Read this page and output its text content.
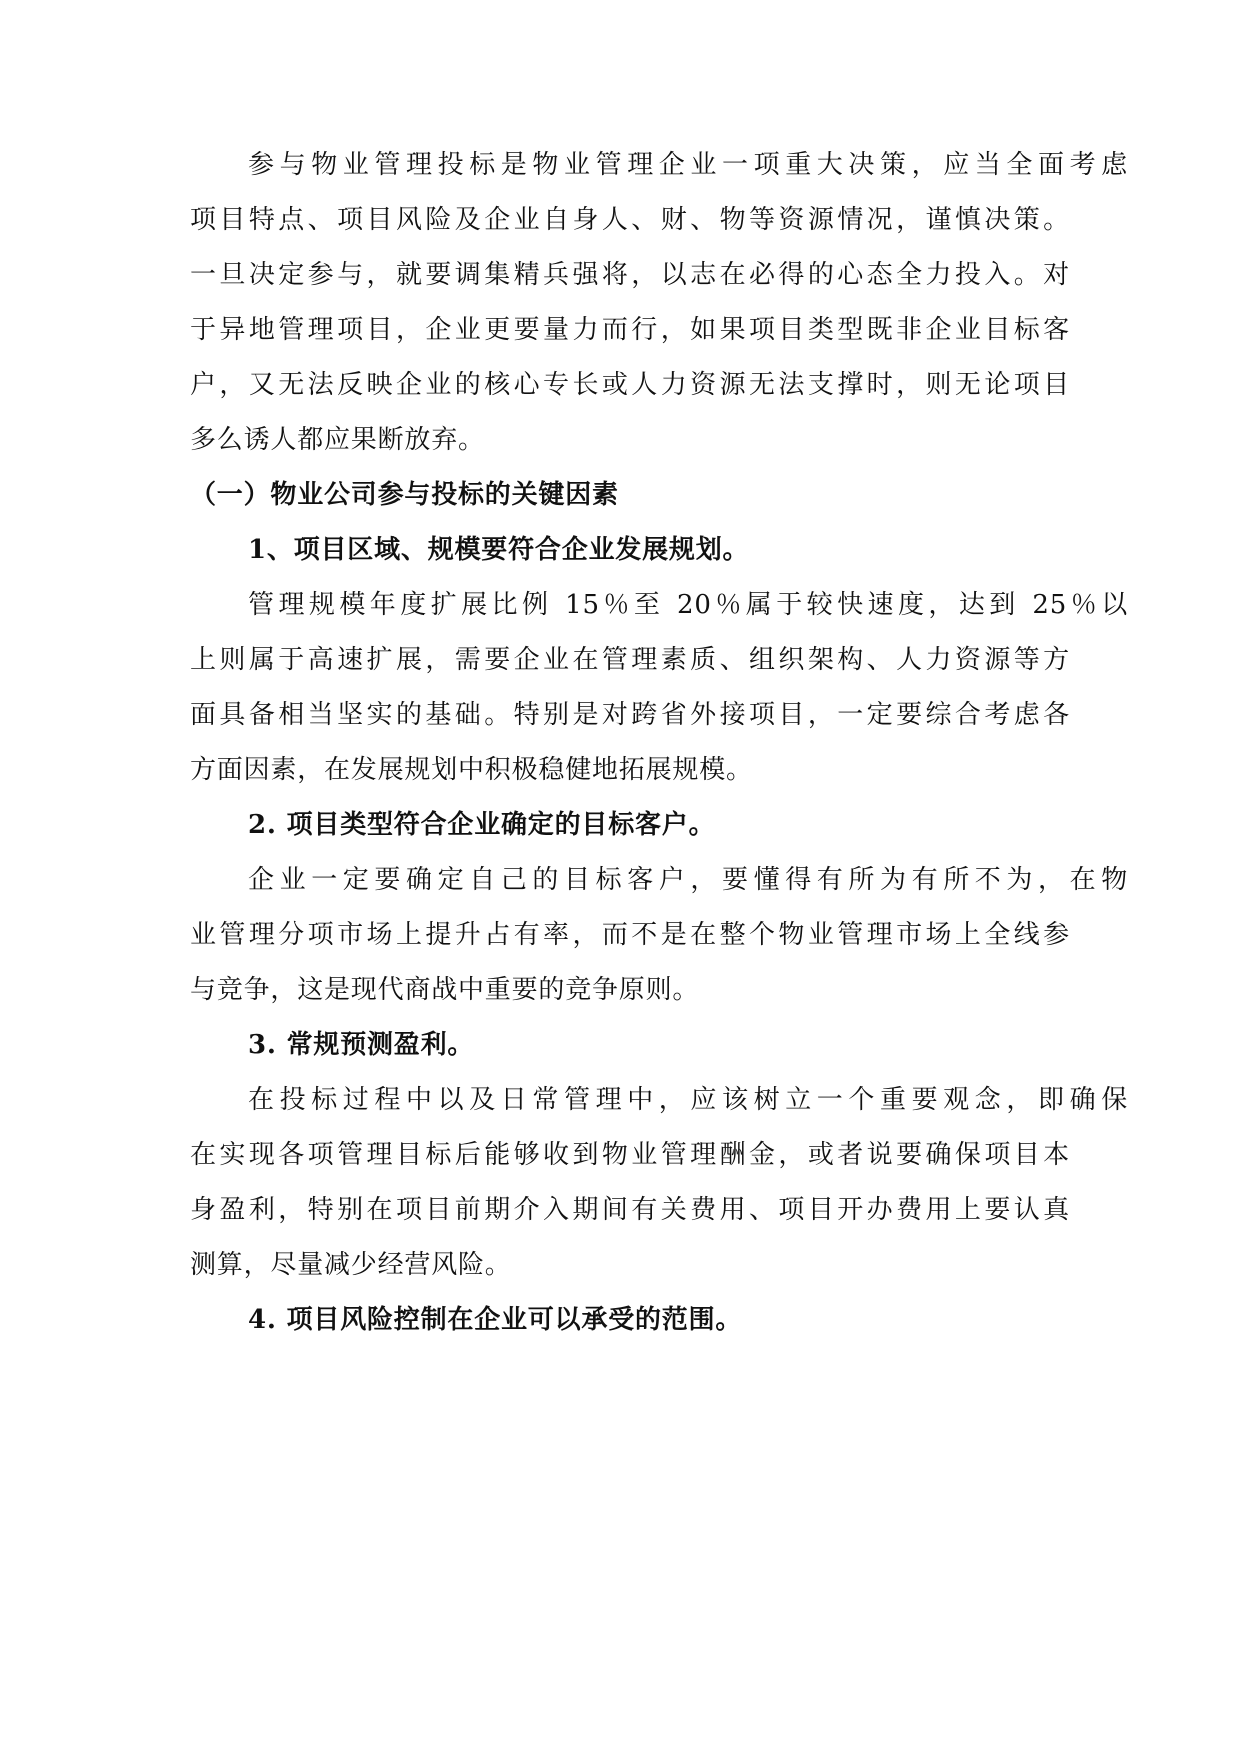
参与物业管理投标是物业管理企业一项重大决策，应当全面考虑
项目特点、项目风险及企业自身人、财、物等资源情况，谨慎决策。
一旦决定参与，就要调集精兵强将，以志在必得的心态全力投入。对
于异地管理项目，企业更要量力而行，如果项目类型既非企业目标客
户，又无法反映企业的核心专长或人力资源无法支撑时，则无论项目
多么诱人都应果断放弃。
（一）物业公司参与投标的关键因素
1、项目区域、规模要符合企业发展规划。
管理规模年度扩展比例 15％至 20％属于较快速度，达到 25％以
上则属于高速扩展，需要企业在管理素质、组织架构、人力资源等方
面具备相当坚实的基础。特别是对跨省外接项目，一定要综合考虑各
方面因素，在发展规划中积极稳健地拓展规模。
2. 项目类型符合企业确定的目标客户。
企业一定要确定自己的目标客户，要懂得有所为有所不为，在物
业管理分项市场上提升占有率，而不是在整个物业管理市场上全线参
与竞争，这是现代商战中重要的竞争原则。
3. 常规预测盈利。
在投标过程中以及日常管理中，应该树立一个重要观念，即确保
在实现各项管理目标后能够收到物业管理酬金，或者说要确保项目本
身盈利，特别在项目前期介入期间有关费用、项目开办费用上要认真
测算，尽量减少经营风险。
4. 项目风险控制在企业可以承受的范围。
